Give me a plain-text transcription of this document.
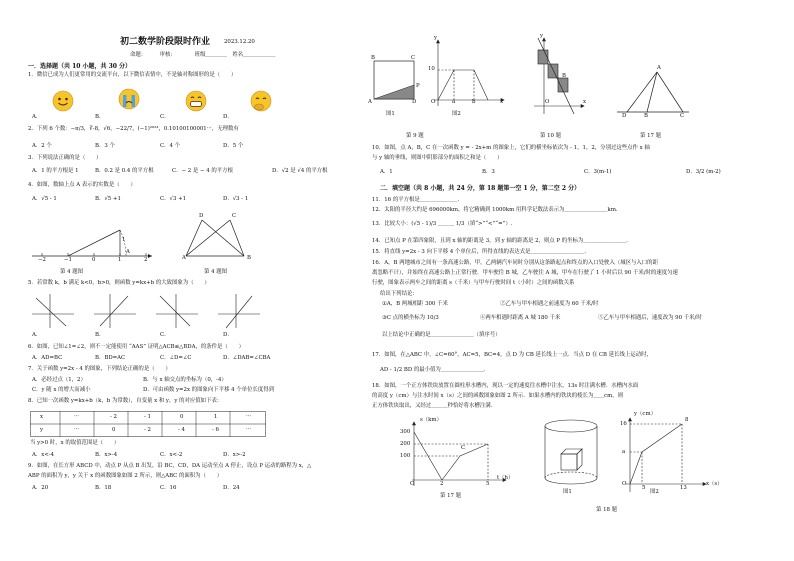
初二数学阶段限时作业	2023.12.20
命题：　　　审核：　　　　班级＿＿＿＿　姓名＿＿＿＿＿＿
一．选择题（共 10 小题，共 30 分）
1．微信已成为人们更常用的交流平台，以下微信表情中，不是轴对称图形的是（　　）
A．	B．	C．	D．
2．下列 6 个数：−π/3，∛-8，√6，−22/7，(−1)²⁰²³，0.10100100001···，无理数有
A．2 个	B．3 个	C．4 个	D．5 个
3．下列说法正确的是（　　）
A．1 的平方根是 1	B．0.2 是 0.4 的平方根	C．− 2 是 − 4 的平方根	D．√2 是 √4 的平方根
4．如图，数轴上点 A 表示的实数是（　　）
A．√5 - 1	B．√5 +1	C．√3 +1	D．√3 - 1
−2	−1	0	1	2
1
A
第 4 题图
A
D	C
B
第 4 题图
5．若常数 k，b 满足 k<0，b>0，则函数 y=kx+b 的大致图象为（　　）
A．	B．	C．	D．
6．如图，已知∠1=∠2，则不一定能使用 “AAS” 证明△ACB≌△BDA，的条件是（　　）
A．AD=BC	B．BD=AC	C．∠D=∠C	D．∠DAB=∠CBA
7．关于函数 y=2x - 4 的图象，下列结论正确的是（　　）
A．必经过点（1，2）	B．与 x 轴交点的坐标为（0，-4）
C．y 随 x 的增大而减小	D．可由函数 y=2x 的图象向下平移 4 个单位长度得到
8．已知一次函数 y=kx+b（k，b 为常数），自变量 x 和 y，y 的对应值如下表：
x	···	- 2	- 1	0	1	···
y	···	0	- 2	- 4	- 6	···
当 y>0 时，x 的取值范围是（　　）
A．x<-4	B．x>-4	C．x<-2	D．x>-2
9．如图，在长方形 ABCD 中，动点 P 从点 B 出发，沿 BC，CD，DA 运动至点 A 停止，设点 P 运动的路程为 x，△
ABP 的面积为 y，y 关于 x 的函数图象如图 2 所示，则△ABC 的面积为（　　）
A．20	B．18	C．16	D．24
B	C
A	D
P
图1
y
10
O	a	b	x
图2
第 9 题
y
B
x
O
第 10 题
A
D	B	C
第 17 题
10．如图，点 A，B，C 在一次函数 y = - 2x+m 的图象上，它们的横坐标依次为 - 1，1，2，分别过这些点作 x 轴
与 y 轴的垂线，则图中阴影部分的面积之和是（　　）
A．1	B．3	C．3(m-1)	D．3/2 (m-2)
二．填空题（共 8 小题，共 24 分，第 18 题第一空 1 分，第二空 2 分）
11．16 的平方根是＿＿＿＿＿＿＿．
12．太阳的半径大约是 696000km，将它精确到 1000km 用科学记数法表示为＿＿＿＿＿＿＿＿km.
13．比较大小：(√5 - 1)/3 ＿＿＿ 1/3（填“>”“<”“=”）.
14．已知点 P 在第四象限，且到 x 轴的距离是 3，到 y 轴的距离是 2，则点 P 的坐标为＿＿＿＿＿＿＿＿．
15．将直线 y=2x - 3 向下平移 4 个单位后，所得直线的表达式是＿＿＿＿＿＿＿＿＿＿．
16．A，B 两地城市之间有一条高速公路，甲，乙两辆汽车同时分别从这条路起点和终点的入口处驶入（城区与入口的距
离忽略不计），并始终在高速公路上正常行驶．甲车驶往 B 城，乙车驶往 A 城，甲车在行驶了 1 小时后以 90 千米/时的速度匀速
行驶，图象表示两车之间的距离 s（千米）与甲车行驶时间 t（小时）之间的函数关系
给出下列结论：
①A，B 两城相距 300 千米	②乙车与甲车相遇之前速度为 60 千米/时
③C 点的横坐标为 10/3	④两车相遇时距离 A 城 180 千米	⑤乙车与甲车相遇后，速度改为 90 千米/时
以上结论中正确的是＿＿＿＿＿＿＿＿（填序号）
17．如图，在△ABC 中，∠C=60°，AC=5，BC=4，点 D 为 CB 延长线上一点．当点 D 在 CB 延长线上运动时，
AD - 1/2 BD 的最小值为＿＿＿＿＿＿＿＿．
18．如图，一个正方体铁块放置在圆柱形水槽内，现以一定的速度往水槽中注水，13s 时注满水槽．水槽内水面
的高度 y（cm）与注水时间 x（s）之间的函数图象如图 2 所示．如果水槽内的铁块的棱长为＿＿cm，则
正方体铁块取出，又经过＿＿＿秒恰好将水槽注满．
s（km）
300
200
100
O	2	5
t（h）
C
第 17 题
图1
y（cm）
16
8
a
O
5	13
x（s）
图2
第 18 题
